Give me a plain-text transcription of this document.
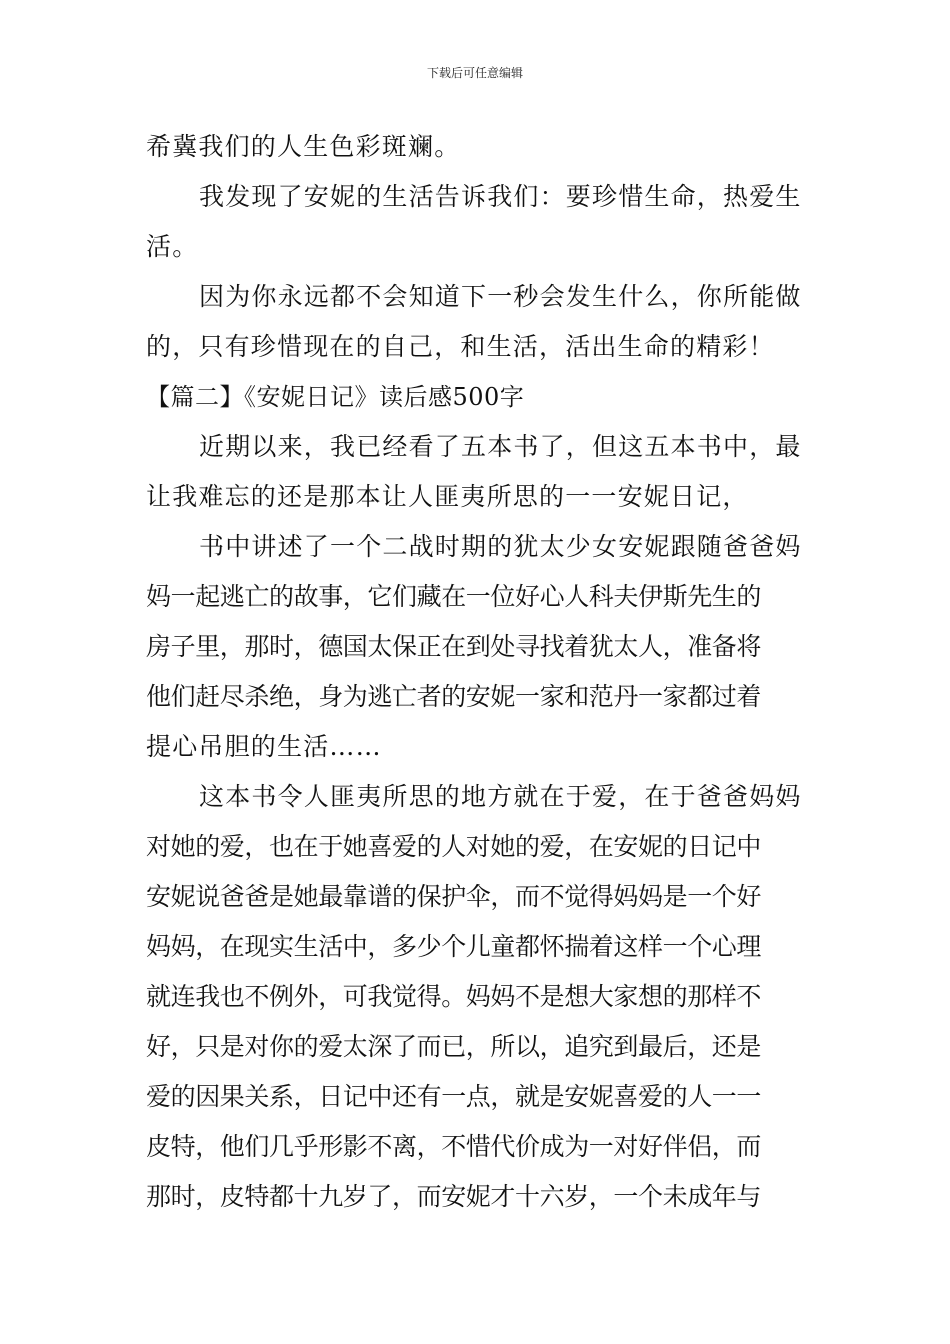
下载后可任意编辑
希冀我们的人生色彩斑斓。
我发现了安妮的生活告诉我们：要珍惜生命，热爱生
活。
因为你永远都不会知道下一秒会发生什么，你所能做
的，只有珍惜现在的自己，和生活，活出生命的精彩！
【篇二】《安妮日记》读后感500字
近期以来，我已经看了五本书了，但这五本书中，最
让我难忘的还是那本让人匪夷所思的一一安妮日记，
书中讲述了一个二战时期的犹太少女安妮跟随爸爸妈
妈一起逃亡的故事，它们藏在一位好心人科夫伊斯先生的
房子里，那时，德国太保正在到处寻找着犹太人，准备将
他们赶尽杀绝，身为逃亡者的安妮一家和范丹一家都过着
提心吊胆的生活……
这本书令人匪夷所思的地方就在于爱，在于爸爸妈妈
对她的爱，也在于她喜爱的人对她的爱，在安妮的日记中
安妮说爸爸是她最靠谱的保护伞，而不觉得妈妈是一个好
妈妈，在现实生活中，多少个儿童都怀揣着这样一个心理
就连我也不例外，可我觉得。妈妈不是想大家想的那样不
好，只是对你的爱太深了而已，所以，追究到最后，还是
爱的因果关系，日记中还有一点，就是安妮喜爱的人一一
皮特，他们几乎形影不离，不惜代价成为一对好伴侣，而
那时，皮特都十九岁了，而安妮才十六岁，一个未成年与
